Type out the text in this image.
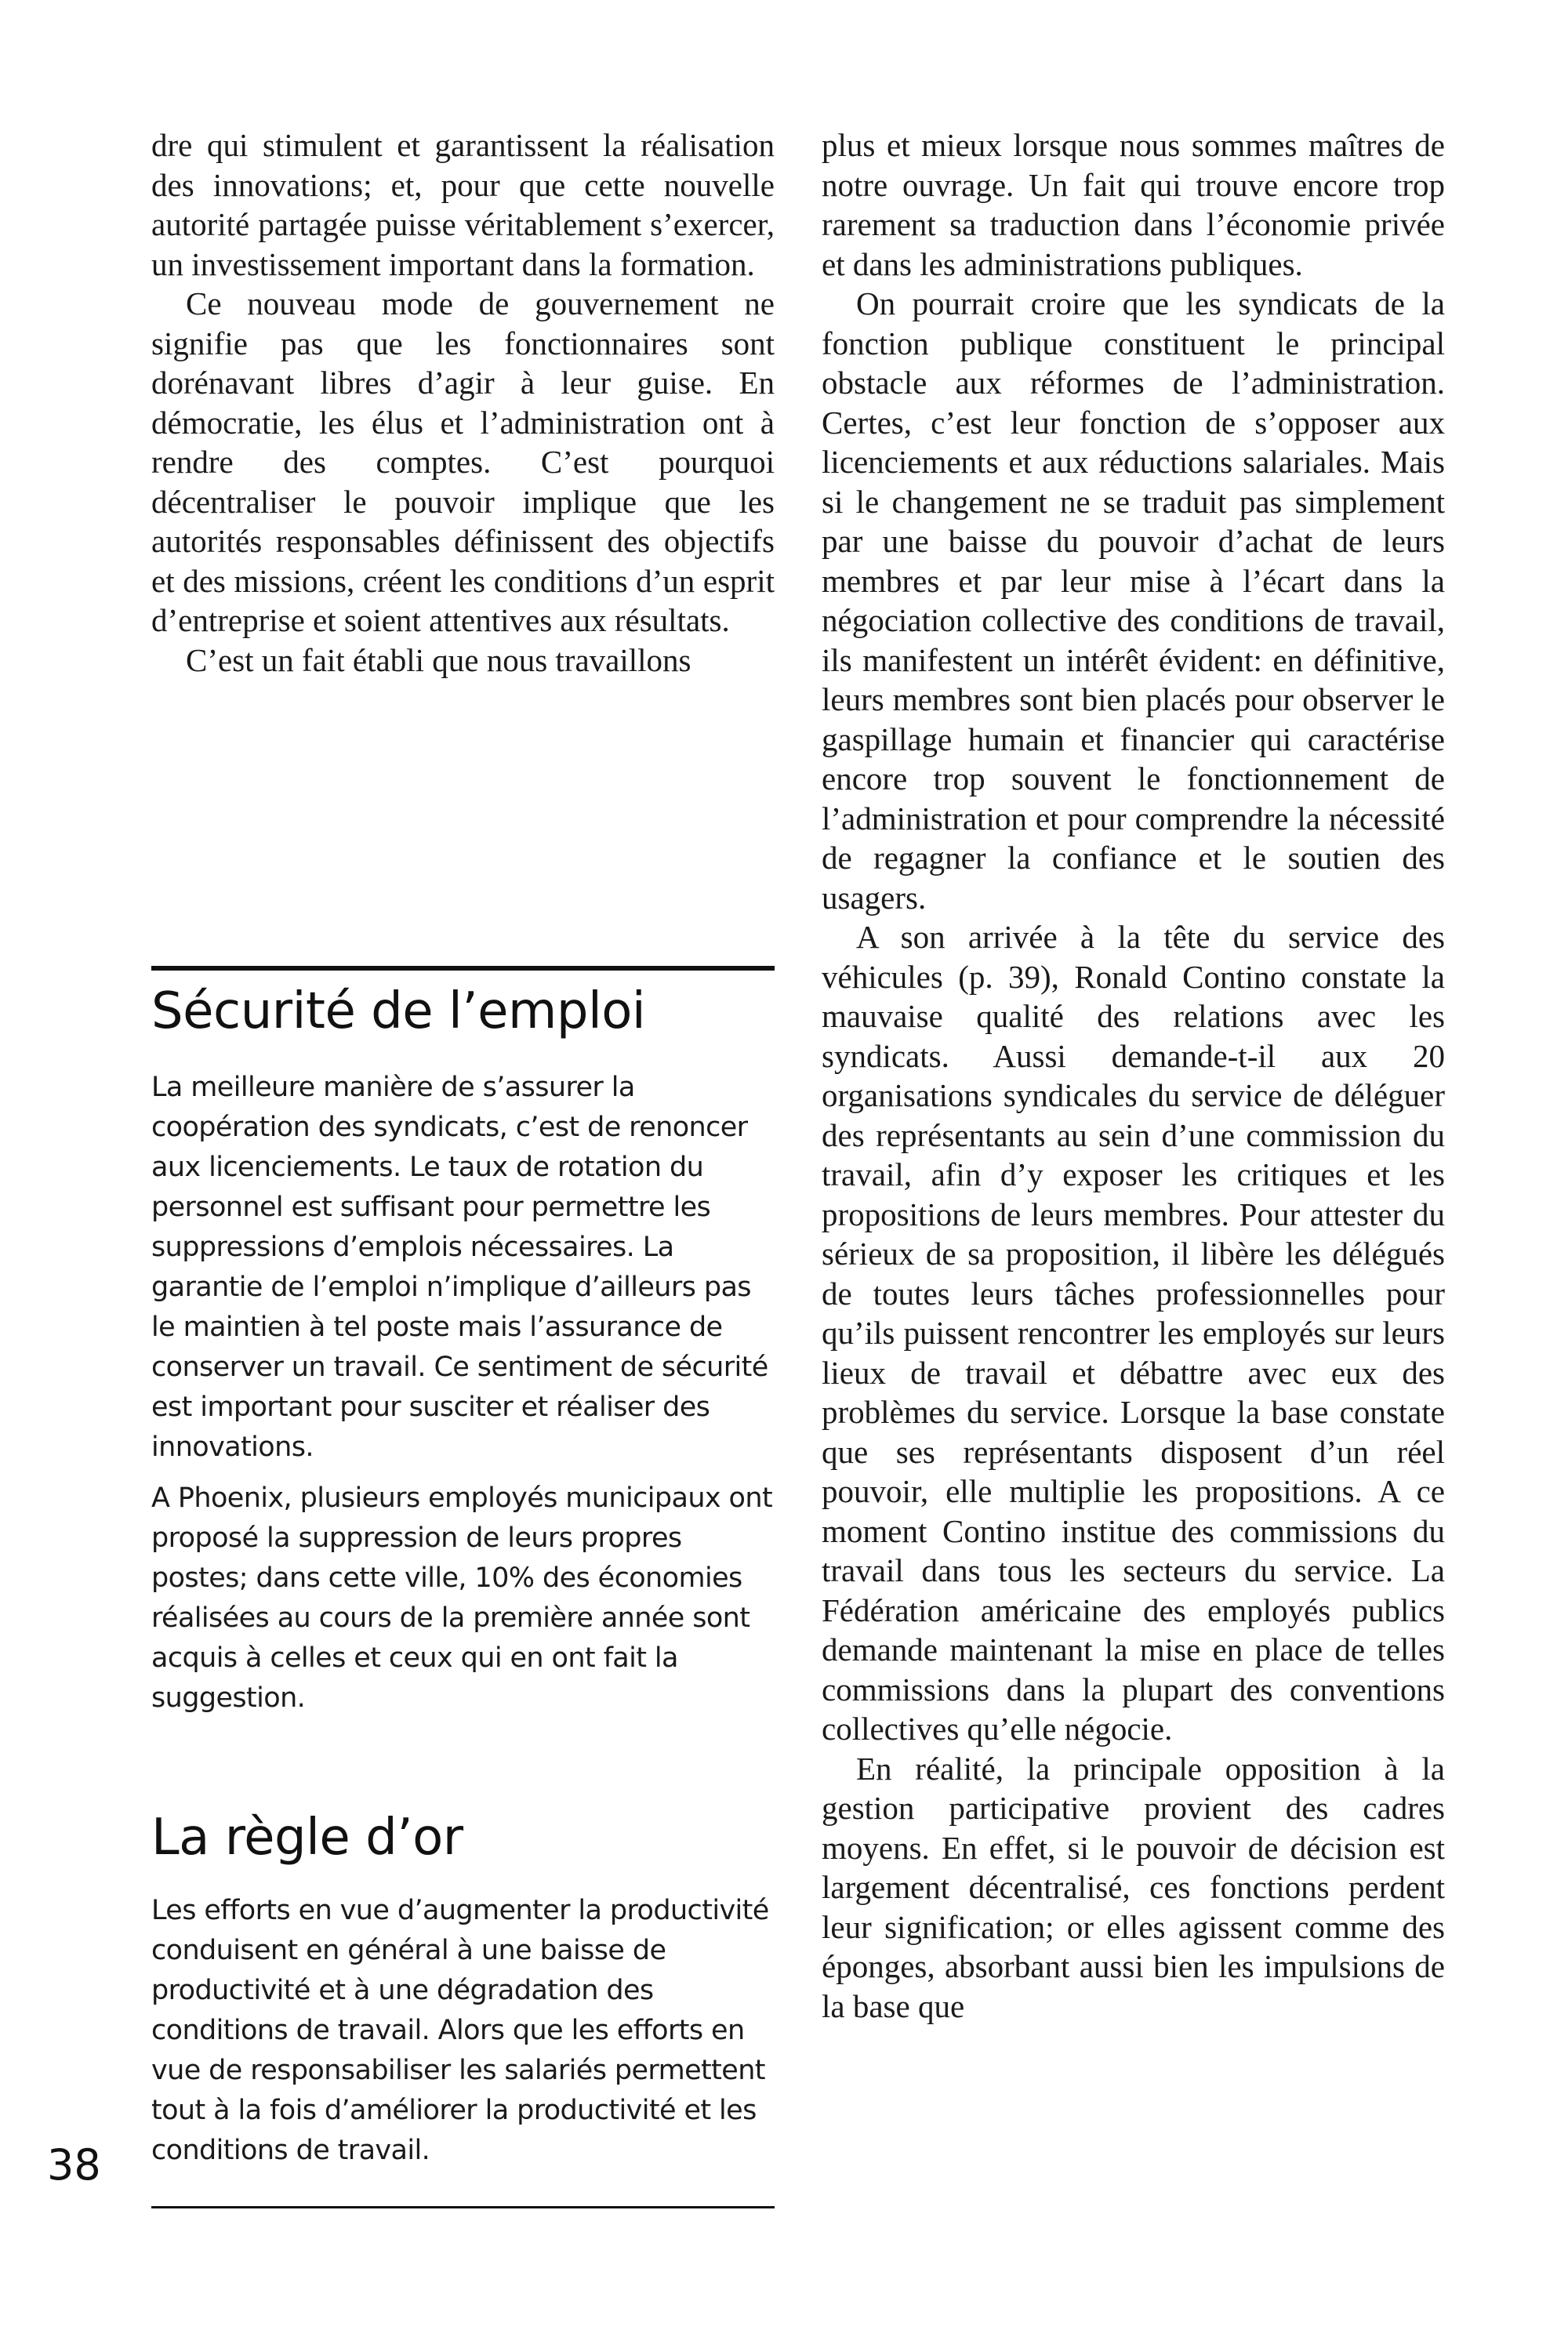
dre qui stimulent et garantissent la réalisation des innovations; et, pour que cette nouvelle autorité partagée puisse véritablement s’exercer, un investissement important dans la formation.

Ce nouveau mode de gouvernement ne signifie pas que les fonctionnaires sont dorénavant libres d’agir à leur guise. En démocratie, les élus et l’administration ont à rendre des comptes. C’est pourquoi décentraliser le pouvoir implique que les autorités responsables définissent des objectifs et des missions, créent les conditions d’un esprit d’entreprise et soient attentives aux résultats.

C’est un fait établi que nous travaillons

Sécurité de l’emploi

La meilleure manière de s’assurer la coopération des syndicats, c’est de renoncer aux licenciements. Le taux de rotation du personnel est suffisant pour permettre les suppressions d’emplois nécessaires. La garantie de l’emploi n’implique d’ailleurs pas le maintien à tel poste mais l’assurance de conserver un travail. Ce sentiment de sécurité est important pour susciter et réaliser des innovations.

A Phoenix, plusieurs employés municipaux ont proposé la suppression de leurs propres postes; dans cette ville, 10% des économies réalisées au cours de la première année sont acquis à celles et ceux qui en ont fait la suggestion.

La règle d’or

Les efforts en vue d’augmenter la productivité conduisent en général à une baisse de productivité et à une dégradation des conditions de travail. Alors que les efforts en vue de responsabiliser les salariés permettent tout à la fois d’améliorer la productivité et les conditions de travail.

plus et mieux lorsque nous sommes maîtres de notre ouvrage. Un fait qui trouve encore trop rarement sa traduction dans l’économie privée et dans les administrations publiques.

On pourrait croire que les syndicats de la fonction publique constituent le principal obstacle aux réformes de l’administration. Certes, c’est leur fonction de s’opposer aux licenciements et aux réductions salariales. Mais si le changement ne se traduit pas simplement par une baisse du pouvoir d’achat de leurs membres et par leur mise à l’écart dans la négociation collective des conditions de travail, ils manifestent un intérêt évident: en définitive, leurs membres sont bien placés pour observer le gaspillage humain et financier qui caractérise encore trop souvent le fonctionnement de l’administration et pour comprendre la nécessité de regagner la confiance et le soutien des usagers.

A son arrivée à la tête du service des véhicules (p. 39), Ronald Contino constate la mauvaise qualité des relations avec les syndicats. Aussi demande-t-il aux 20 organisations syndicales du service de déléguer des représentants au sein d’une commission du travail, afin d’y exposer les critiques et les propositions de leurs membres. Pour attester du sérieux de sa proposition, il libère les délégués de toutes leurs tâches professionnelles pour qu’ils puissent rencontrer les employés sur leurs lieux de travail et débattre avec eux des problèmes du service. Lorsque la base constate que ses représentants disposent d’un réel pouvoir, elle multiplie les propositions. A ce moment Contino institue des commissions du travail dans tous les secteurs du service. La Fédération américaine des employés publics demande maintenant la mise en place de telles commissions dans la plupart des conventions collectives qu’elle négocie.

En réalité, la principale opposition à la gestion participative provient des cadres moyens. En effet, si le pouvoir de décision est largement décentralisé, ces fonctions perdent leur signification; or elles agissent comme des éponges, absorbant aussi bien les impulsions de la base que

38
